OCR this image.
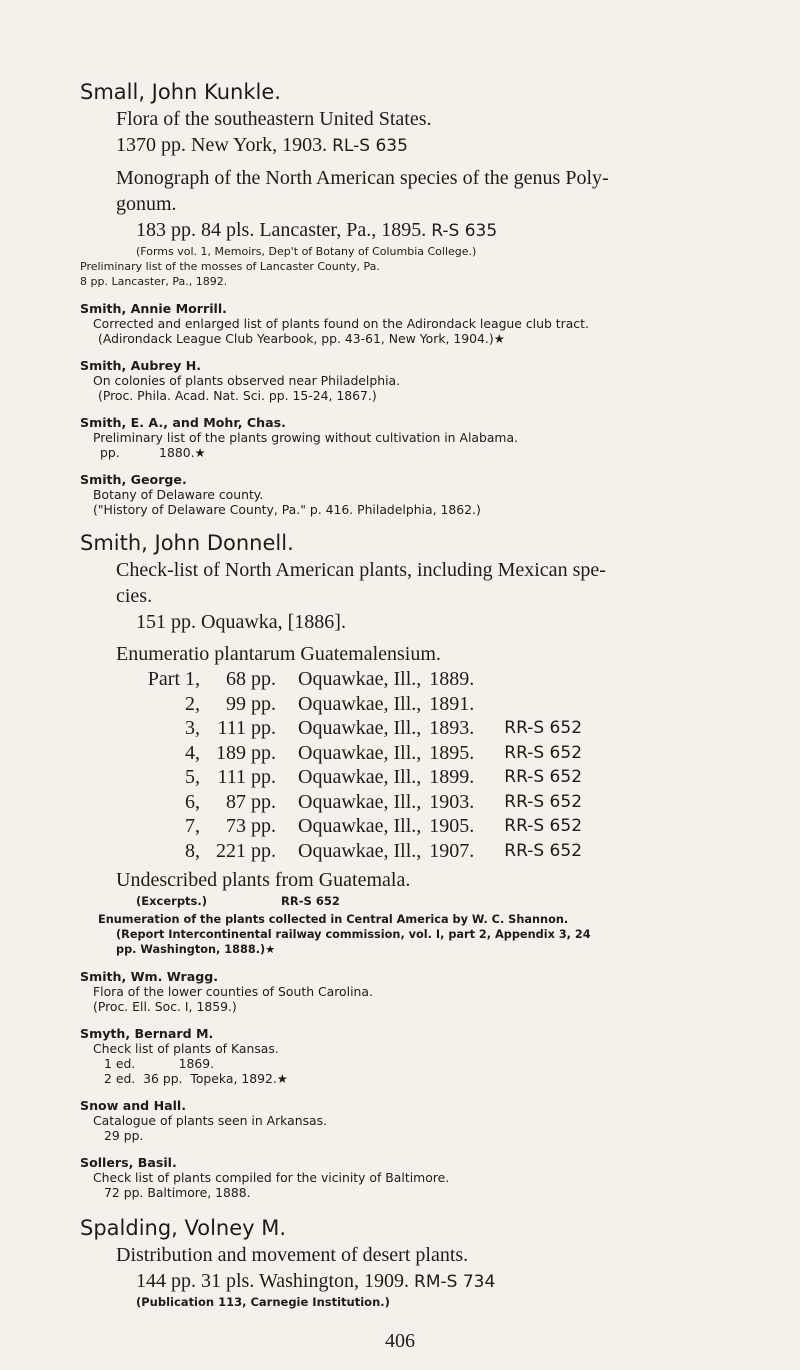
Small, John Kunkle.
Flora of the southeastern United States.
1370 pp. New York, 1903. RL-S 635
Monograph of the North American species of the genus Poly-
gonum.
183 pp. 84 pls. Lancaster, Pa., 1895. R-S 635
(Forms vol. 1, Memoirs, Dep't of Botany of Columbia College.)
Preliminary list of the mosses of Lancaster County, Pa.
8 pp. Lancaster, Pa., 1892.
Smith, Annie Morrill.
Corrected and enlarged list of plants found on the Adirondack league club tract.
(Adirondack League Club Yearbook, pp. 43-61, New York, 1904.)★
Smith, Aubrey H.
On colonies of plants observed near Philadelphia.
(Proc. Phila. Acad. Nat. Sci. pp. 15-24, 1867.)
Smith, E. A., and Mohr, Chas.
Preliminary list of the plants growing without cultivation in Alabama.
pp.          1880.★
Smith, George.
Botany of Delaware county.
("History of Delaware County, Pa." p. 416. Philadelphia, 1862.)
Smith, John Donnell.
Check-list of North American plants, including Mexican spe-
cies.
151 pp. Oquawka, [1886].
Enumeratio plantarum Guatemalensium.
Part 1,	68 pp.	Oquawkae, Ill.,	1889.	
2,	99 pp.	Oquawkae, Ill.,	1891.	
3,	111 pp.	Oquawkae, Ill.,	1893.	RR-S 652
4,	189 pp.	Oquawkae, Ill.,	1895.	RR-S 652
5,	111 pp.	Oquawkae, Ill.,	1899.	RR-S 652
6,	87 pp.	Oquawkae, Ill.,	1903.	RR-S 652
7,	73 pp.	Oquawkae, Ill.,	1905.	RR-S 652
8,	221 pp.	Oquawkae, Ill.,	1907.	RR-S 652
Undescribed plants from Guatemala.
(Excerpts.)	RR-S 652
Enumeration of the plants collected in Central America by W. C. Shannon.
(Report Intercontinental railway commission, vol. I, part 2, Appendix 3, 24
pp. Washington, 1888.)★
Smith, Wm. Wragg.
Flora of the lower counties of South Carolina.
(Proc. Ell. Soc. I, 1859.)
Smyth, Bernard M.
Check list of plants of Kansas.
1 ed.           1869.
2 ed.  36 pp.  Topeka, 1892.★
Snow and Hall.
Catalogue of plants seen in Arkansas.
29 pp.
Sollers, Basil.
Check list of plants compiled for the vicinity of Baltimore.
72 pp. Baltimore, 1888.
Spalding, Volney M.
Distribution and movement of desert plants.
144 pp. 31 pls. Washington, 1909. RM-S 734
(Publication 113, Carnegie Institution.)
406
